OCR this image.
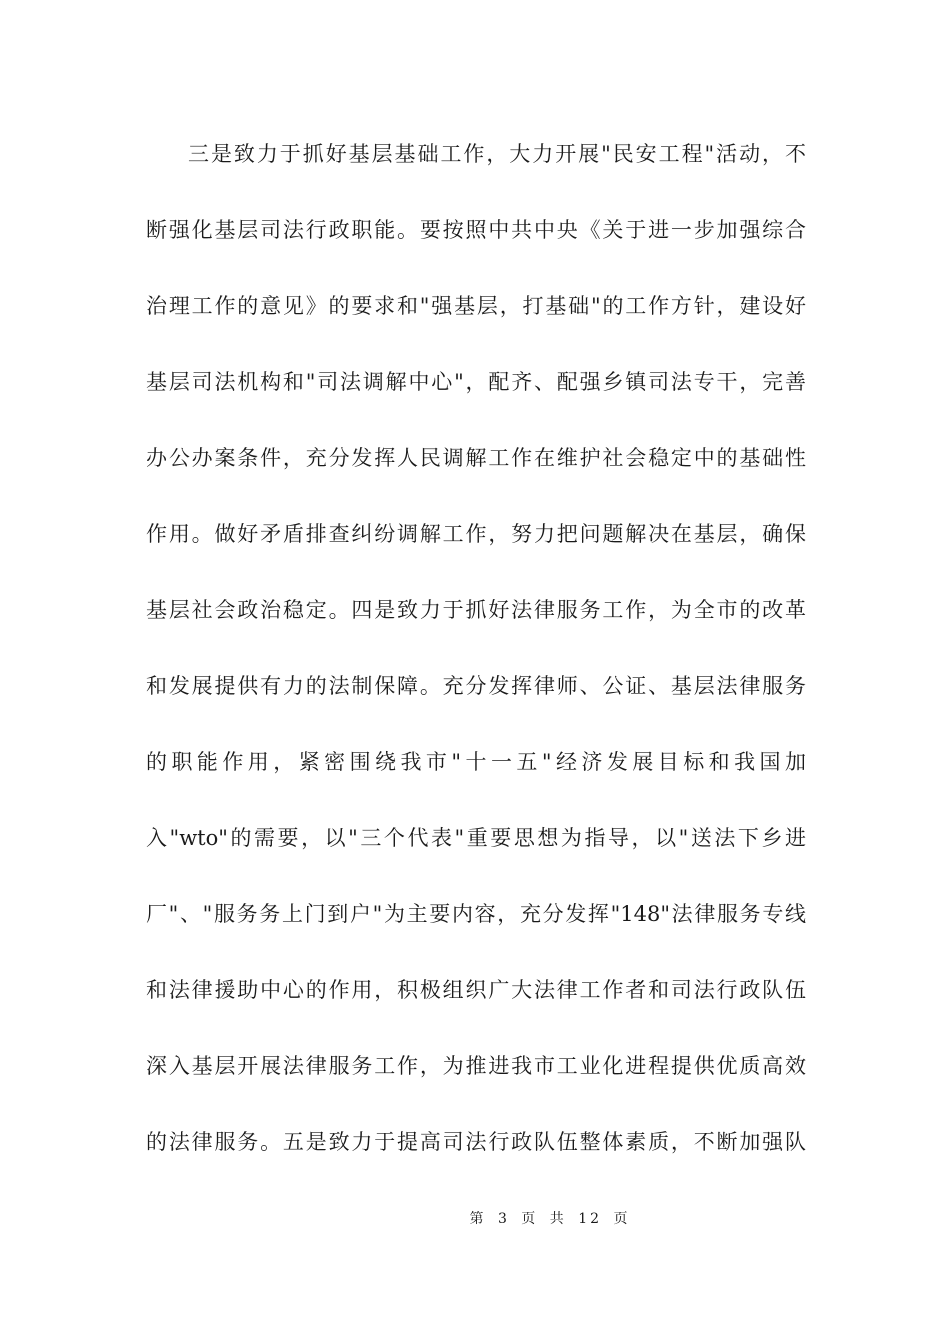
三是致力于抓好基层基础工作，大力开展"民安工程"活动，不
断强化基层司法行政职能。要按照中共中央《关于进一步加强综合
治理工作的意见》的要求和"强基层，打基础"的工作方针，建设好
基层司法机构和"司法调解中心"，配齐、配强乡镇司法专干，完善
办公办案条件，充分发挥人民调解工作在维护社会稳定中的基础性
作用。做好矛盾排查纠纷调解工作，努力把问题解决在基层，确保
基层社会政治稳定。四是致力于抓好法律服务工作，为全市的改革
和发展提供有力的法制保障。充分发挥律师、公证、基层法律服务
的职能作用，紧密围绕我市"十一五"经济发展目标和我国加
入"wto"的需要，以"三个代表"重要思想为指导，以"送法下乡进
厂"、"服务务上门到户"为主要内容，充分发挥"148"法律服务专线
和法律援助中心的作用，积极组织广大法律工作者和司法行政队伍
深入基层开展法律服务工作，为推进我市工业化进程提供优质高效
的法律服务。五是致力于提高司法行政队伍整体素质，不断加强队
第 3 页 共 12 页
